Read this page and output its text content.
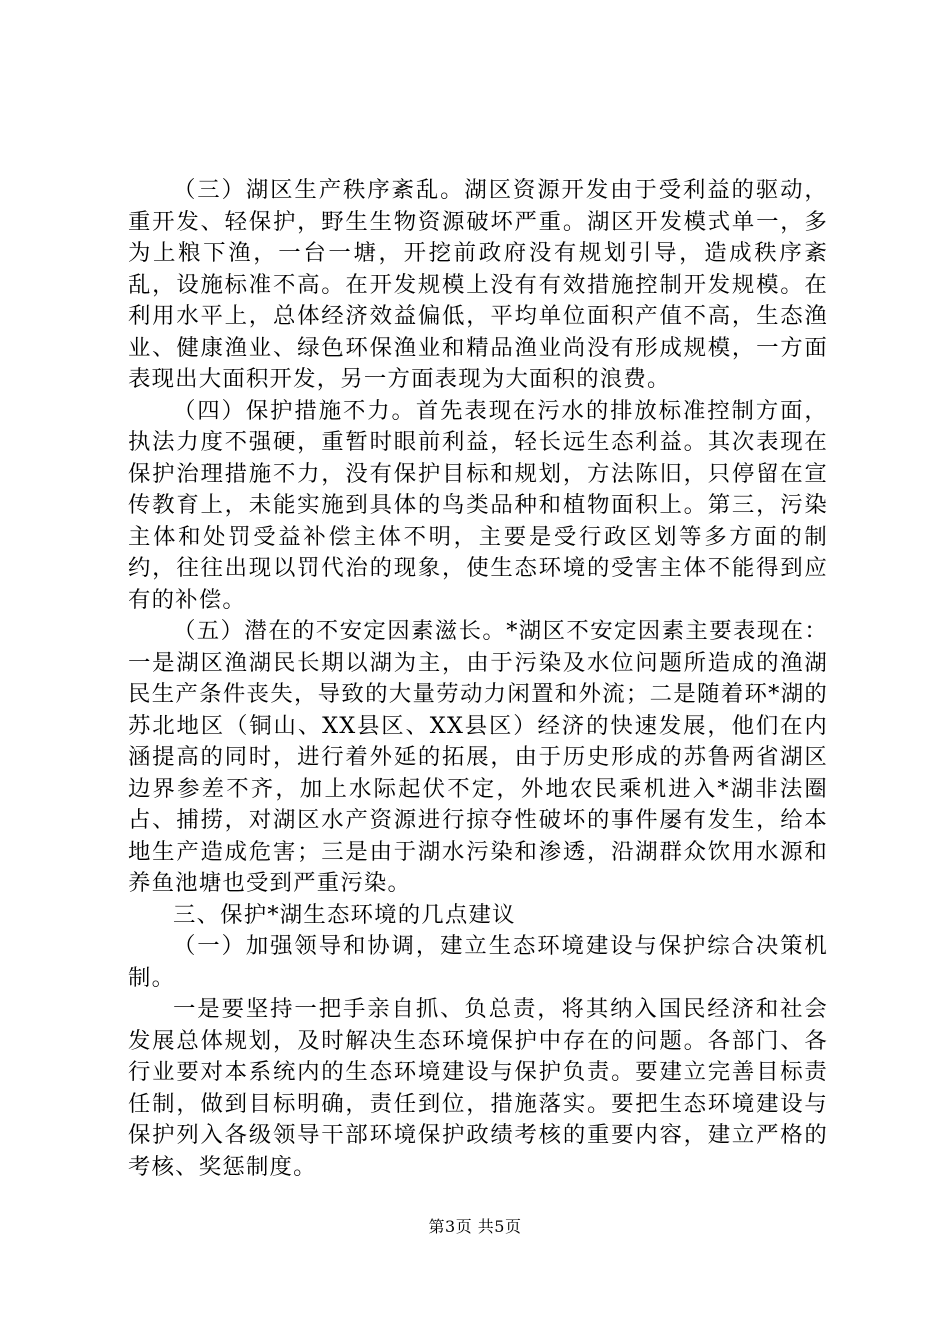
（三）湖区生产秩序紊乱。湖区资源开发由于受利益的驱动，重开发、轻保护，野生生物资源破坏严重。湖区开发模式单一，多为上粮下渔，一台一塘，开挖前政府没有规划引导，造成秩序紊乱，设施标准不高。在开发规模上没有有效措施控制开发规模。在利用水平上，总体经济效益偏低，平均单位面积产值不高，生态渔业、健康渔业、绿色环保渔业和精品渔业尚没有形成规模，一方面表现出大面积开发，另一方面表现为大面积的浪费。

（四）保护措施不力。首先表现在污水的排放标准控制方面，执法力度不强硬，重暂时眼前利益，轻长远生态利益。其次表现在保护治理措施不力，没有保护目标和规划，方法陈旧，只停留在宣传教育上，未能实施到具体的鸟类品种和植物面积上。第三，污染主体和处罚受益补偿主体不明，主要是受行政区划等多方面的制约，往往出现以罚代治的现象，使生态环境的受害主体不能得到应有的补偿。

（五）潜在的不安定因素滋长。*湖区不安定因素主要表现在：一是湖区渔湖民长期以湖为主，由于污染及水位问题所造成的渔湖民生产条件丧失，导致的大量劳动力闲置和外流；二是随着环*湖的苏北地区（铜山、XX县区、XX县区）经济的快速发展，他们在内涵提高的同时，进行着外延的拓展，由于历史形成的苏鲁两省湖区边界参差不齐，加上水际起伏不定，外地农民乘机进入*湖非法圈占、捕捞，对湖区水产资源进行掠夺性破坏的事件屡有发生，给本地生产造成危害；三是由于湖水污染和渗透，沿湖群众饮用水源和养鱼池塘也受到严重污染。

三、保护*湖生态环境的几点建议

（一）加强领导和协调，建立生态环境建设与保护综合决策机制。

一是要坚持一把手亲自抓、负总责，将其纳入国民经济和社会发展总体规划，及时解决生态环境保护中存在的问题。各部门、各行业要对本系统内的生态环境建设与保护负责。要建立完善目标责任制，做到目标明确，责任到位，措施落实。要把生态环境建设与保护列入各级领导干部环境保护政绩考核的重要内容，建立严格的考核、奖惩制度。

第3页 共5页
